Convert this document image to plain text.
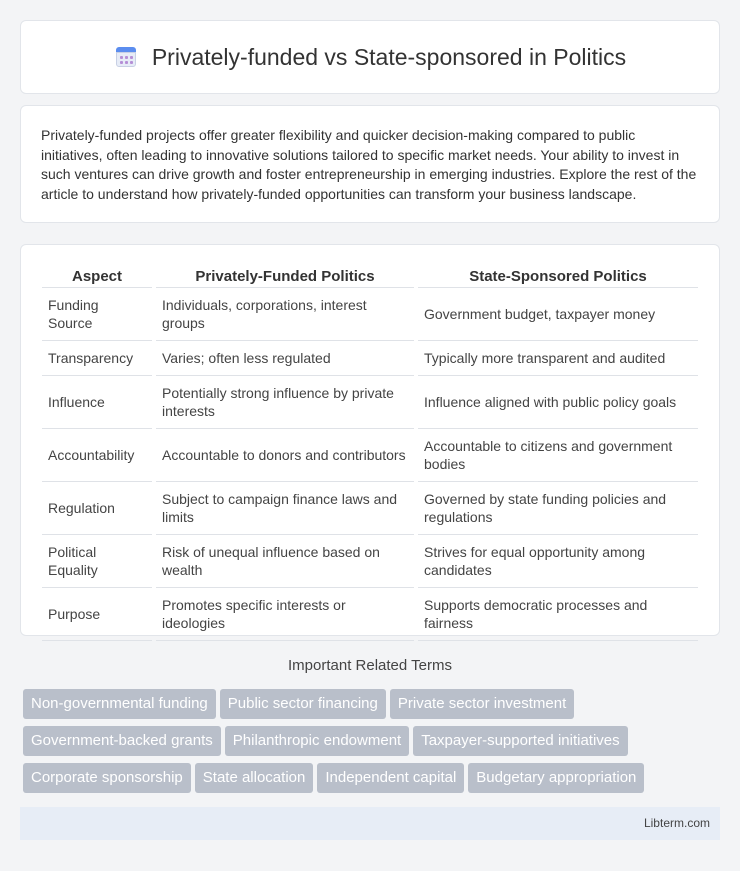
Privately-funded vs State-sponsored in Politics

Privately-funded projects offer greater flexibility and quicker decision-making compared to public initiatives, often leading to innovative solutions tailored to specific market needs. Your ability to invest in such ventures can drive growth and foster entrepreneurship in emerging industries. Explore the rest of the article to understand how privately-funded opportunities can transform your business landscape.

Aspect	Privately-Funded Politics	State-Sponsored Politics
Funding Source	Individuals, corporations, interest groups	Government budget, taxpayer money
Transparency	Varies; often less regulated	Typically more transparent and audited
Influence	Potentially strong influence by private interests	Influence aligned with public policy goals
Accountability	Accountable to donors and contributors	Accountable to citizens and government bodies
Regulation	Subject to campaign finance laws and limits	Governed by state funding policies and regulations
Political Equality	Risk of unequal influence based on wealth	Strives for equal opportunity among candidates
Purpose	Promotes specific interests or ideologies	Supports democratic processes and fairness
Important Related Terms
Non-governmental funding Public sector financing Private sector investment
Government-backed grants Philanthropic endowment Taxpayer-supported initiatives
Corporate sponsorship State allocation Independent capital Budgetary appropriation
Libterm.com
